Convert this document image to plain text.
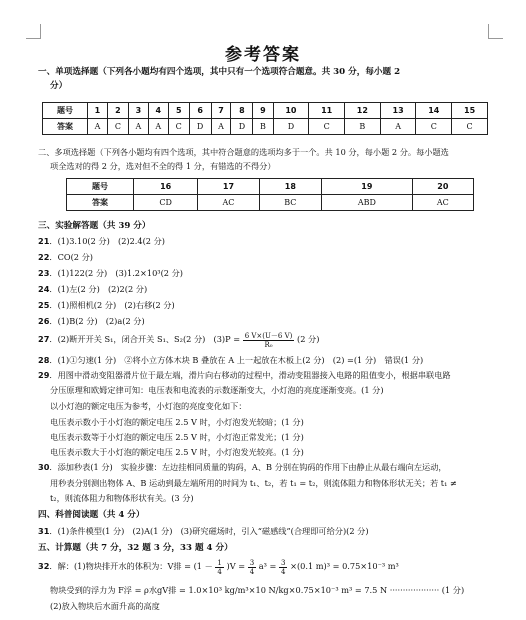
参考答案
一、单项选择题（下列各小题均有四个选项，其中只有一个选项符合题意。共 30 分，每小题 2
分）
题号	1	2	3	4	5	6	7	8	9	10	11	12	13	14	15
答案	A	C	A	A	C	D	A	D	B	D	C	B	A	C	C
二、多项选择题（下列各小题均有四个选项，其中符合题意的选项均多于一个。共 10 分，每小题 2 分。每小题选
项全选对的得 2 分，选对但不全的得 1 分，有错选的不得分）
题号	16	17	18	19	20
答案	CD	AC	BC	ABD	AC
三、实验解答题（共 39 分）
21．(1)3.10(2 分)　(2)2.4(2 分)
22．CO(2 分)
23．(1)122(2 分)　(3)1.2×10³(2 分)
24．(1)左(2 分)　(2)2(2 分)
25．(1)照相机(2 分)　(2)右移(2 分)
26．(1)B(2 分)　(2)a(2 分)
27．(2)断开开关 S₁，闭合开关 S₁、S₂(2 分)　$(3)P = \frac{6 V\times(U-6 V)}{\text{R₀}} (2$ 分)
28．(1)①匀速(1 分)　②将小立方体木块 B 叠放在 A 上一起放在木板上(2 分)　(2) =(1 分)　错误(1 分)
29．用图中滑动变阻器滑片位于最左端，滑片向右移动的过程中，滑动变阻器接入电路的阻值变小，根据串联电路
分压原理和欧姆定律可知：电压表和电流表的示数逐渐变大，小灯泡的亮度逐渐变亮。(1 分)
以小灯泡的额定电压为参考，小灯泡的亮度变化如下：
电压表示数小于小灯泡的额定电压 2.5 V 时，小灯泡发光较暗；(1 分)
电压表示数等于小灯泡的额定电压 2.5 V 时，小灯泡正常发光；(1 分)
电压表示数大于小灯泡的额定电压 2.5 V 时，小灯泡发光较亮。(1 分)
30．添加秒表(1 分)　实验步骤：左边挂相同质量的钩码，A、B 分别在钩码的作用下由静止从最右端向左运动，
用秒表分别测出物体 A、B 运动到最左端所用的时间为 t₁、t₂，若 t₁ = t₂，则流体阻力和物体形状无关；若 t₁ ≠
t₂，则流体阻力和物体形状有关。(3 分)
四、科普阅读题（共 4 分）
31．(1)条件模型(1 分)　(2)A(1 分)　(3)研究磁场时，引入“磁感线”(合理即可给分)(2 分)
五、计算题（共 7 分，32 题 3 分，33 题 4 分）
32．解：(1)物块排开水的体积为：V排 = $(1 - \frac{1}{4} )V = \frac{3}{4} a^3 = \frac{3}{4} \times(0.1$ m)³ = 0.75×10⁻³ m³
物块受到的浮力为 F浮 = ρ水gV排 = 1.0×10³ kg/m³×10 N/kg×0.75×10⁻³ m³ = 7.5 N ··················· (1 分)
(2)放入物块后水面升高的高度
